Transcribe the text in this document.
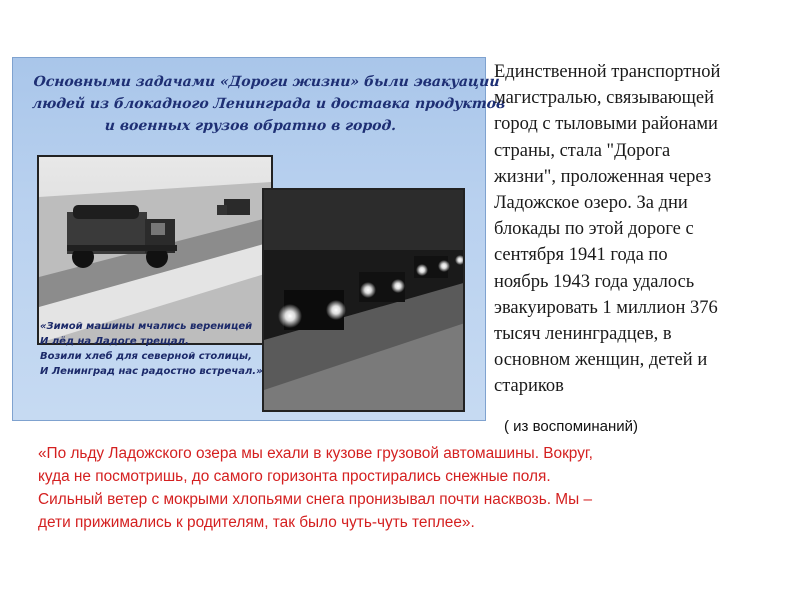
Основными задачами «Дороги жизни» были эвакуации
людей из блокадного Ленинграда и доставка продуктов
и военных грузов обратно в город.
«Зимой машины мчались вереницей
И лёд на Ладоге трещал.
Возили хлеб для северной столицы,
И Ленинград нас радостно встречал.»
Единственной транспортной
магистралью, связывающей
город с тыловыми районами
страны, стала "Дорога
жизни", проложенная через
Ладожское озеро. За дни
блокады по этой дороге с
сентября 1941 года по
ноябрь 1943 года удалось
эвакуировать 1 миллион 376
тысяч ленинградцев, в
основном женщин, детей и
стариков
( из воспоминаний)
«По льду Ладожского озера мы ехали в кузове грузовой автомашины. Вокруг,
куда не посмотришь, до самого горизонта простирались снежные поля.
Сильный ветер с мокрыми хлопьями снега пронизывал почти насквозь. Мы –
дети прижимались к родителям, так было чуть-чуть теплее».
